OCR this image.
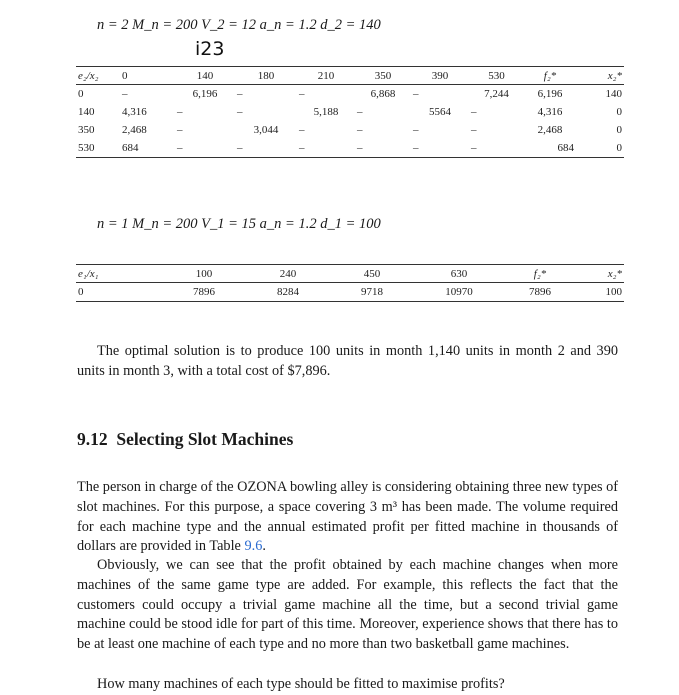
n = 2 M_n = 200 V_2 = 12 a_n = 1.2 d_2 = 140
i23
e₂/x₂	0	140	180	210	350	390	530	f₂*	x₂*
0	–	6,196	–	–	6,868	–	7,244	6,196	140
140	4,316	–	–	5,188	–	5564	–	4,316	0
350	2,468	–	3,044	–	–	–	–	2,468	0
530	684	–	–	–	–	–	–	684	0
n = 1 M_n = 200 V_1 = 15 a_n = 1.2 d_1 = 100
e₁/x₁	100	240	450	630	f₂*	x₂*
0	7896	8284	9718	10970	7896	100

The optimal solution is to produce 100 units in month 1,140 units in month 2 and 390 units in month 3, with a total cost of $7,896.

9.12 Selecting Slot Machines

The person in charge of the OZONA bowling alley is considering obtaining three new types of slot machines. For this purpose, a space covering 3 m³ has been made. The volume required for each machine type and the annual estimated profit per fitted machine in thousands of dollars are provided in Table 9.6.

Obviously, we can see that the profit obtained by each machine changes when more machines of the same game type are added. For example, this reflects the fact that the customers could occupy a trivial game machine all the time, but a second trivial game machine could be stood idle for part of this time. Moreover, experience shows that there has to be at least one machine of each type and no more than two basketball game machines.

How many machines of each type should be fitted to maximise profits?
